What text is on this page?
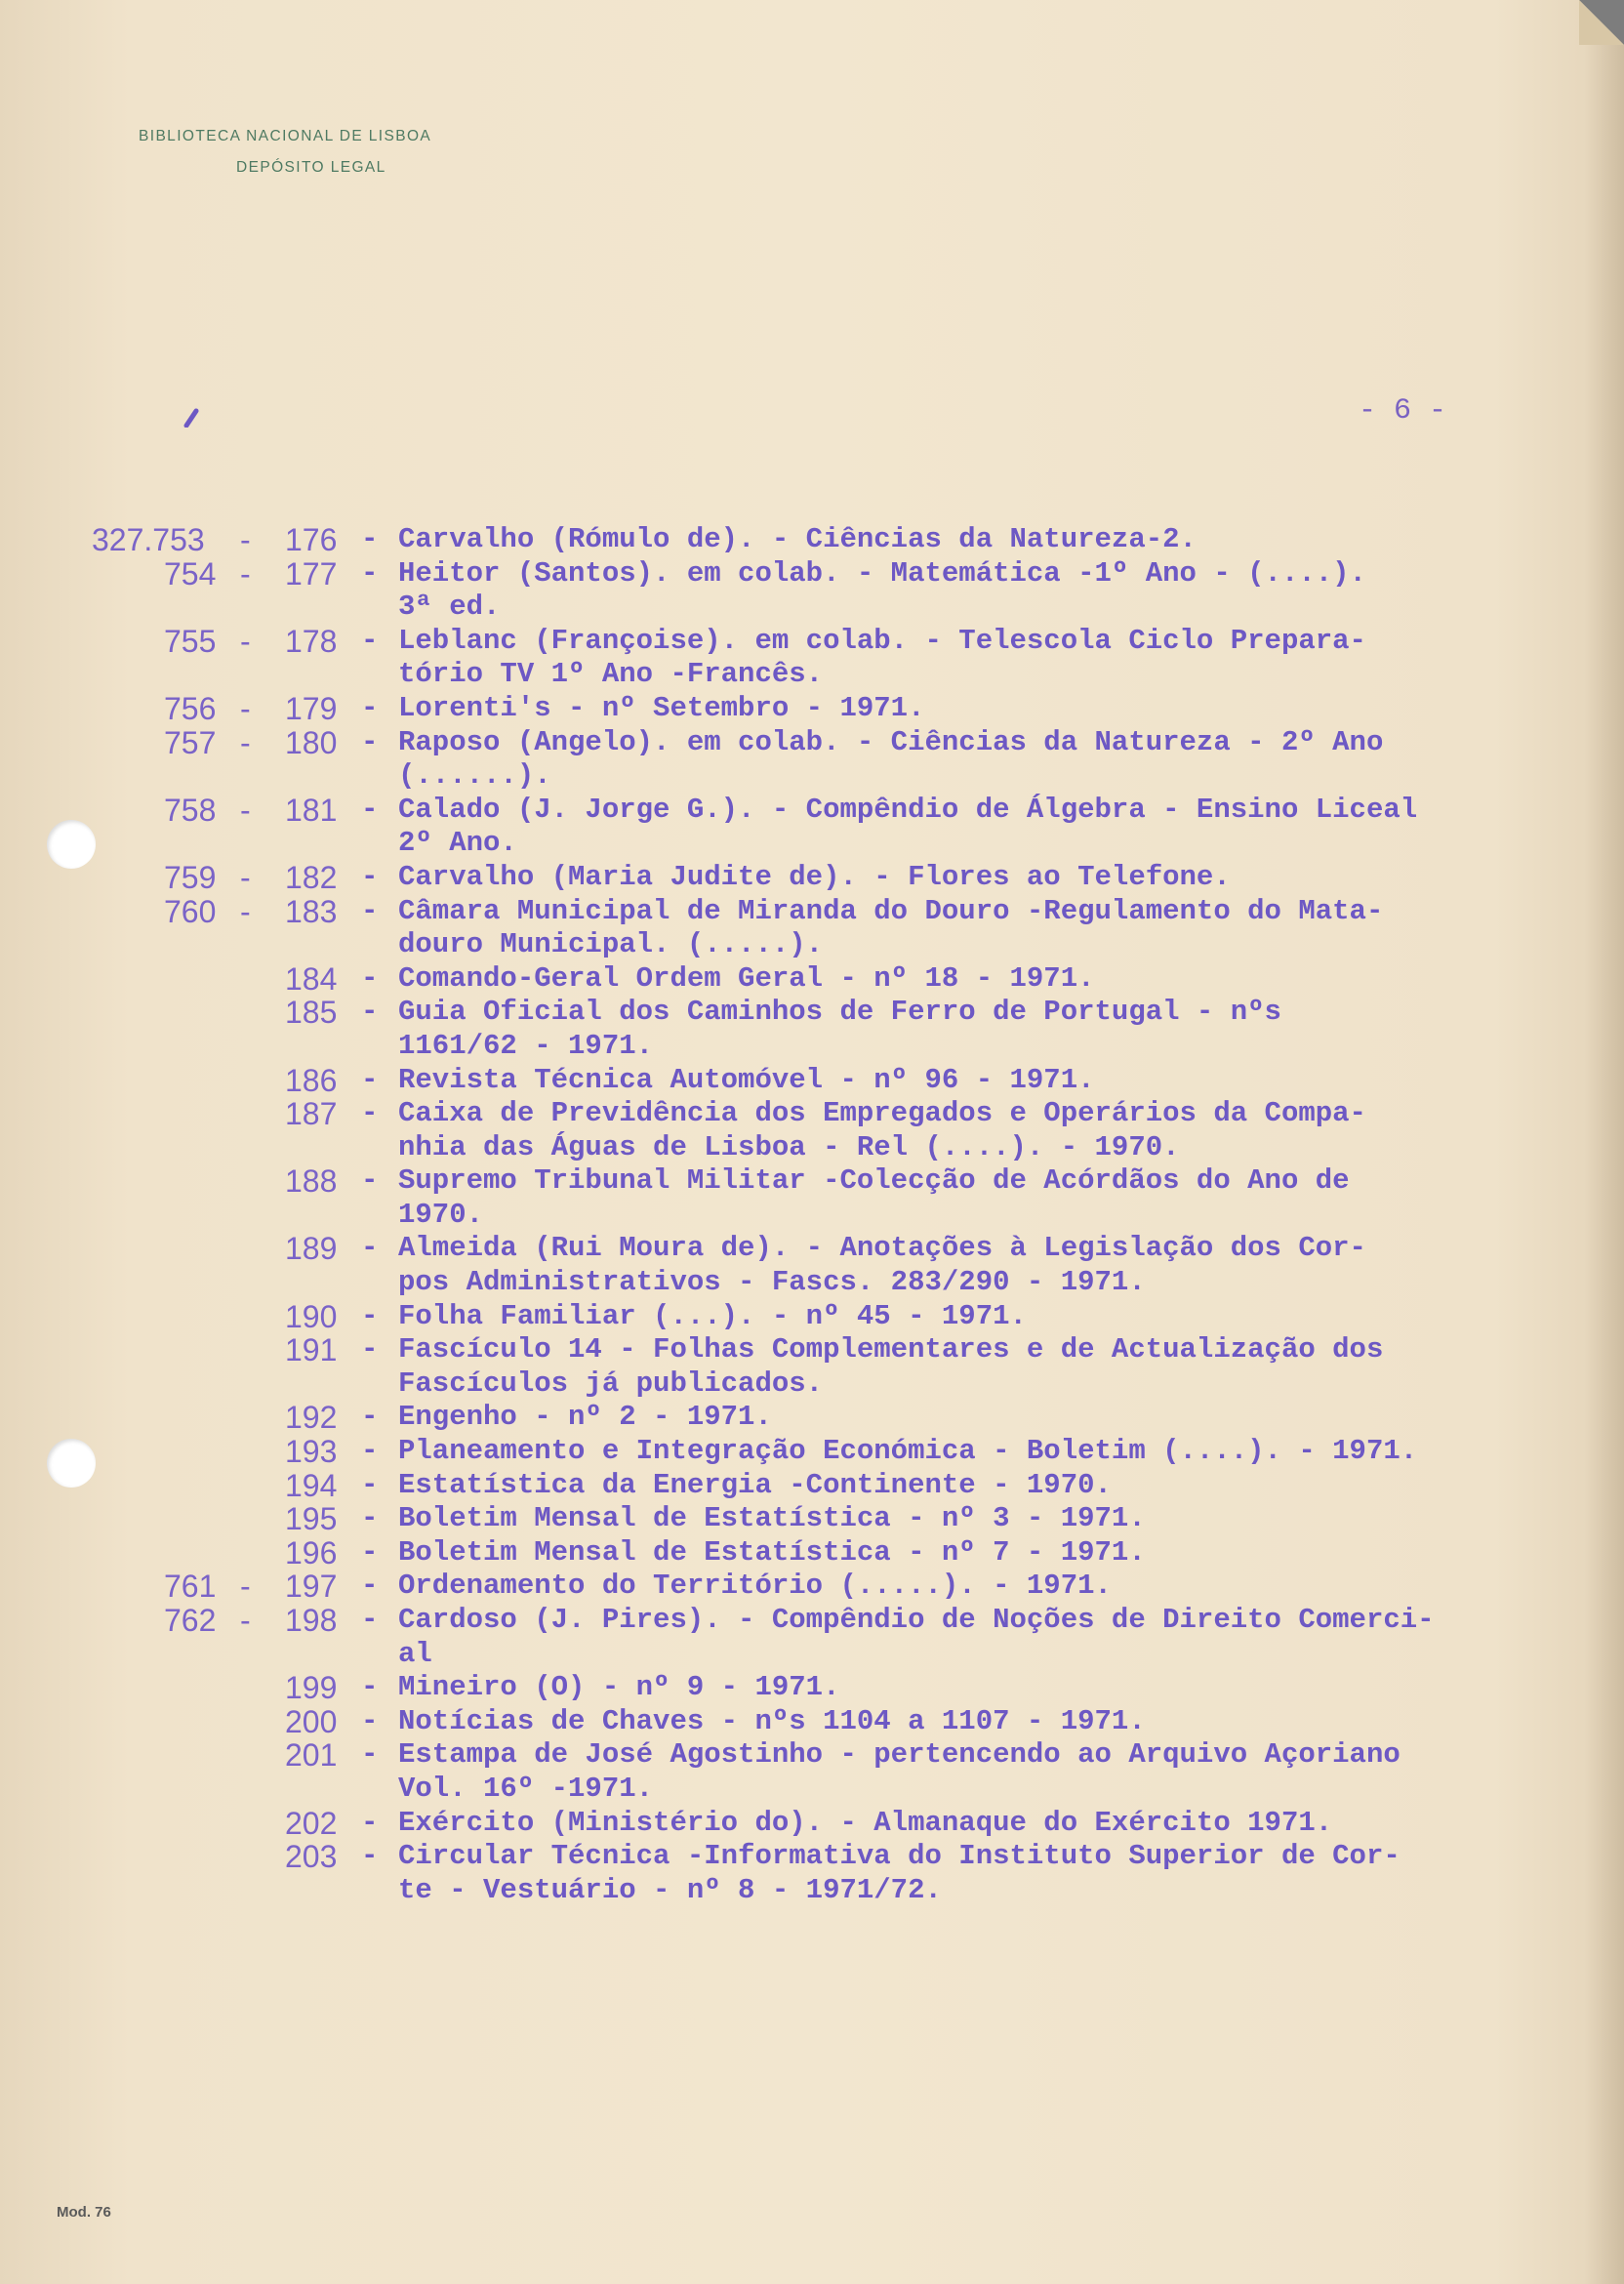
BIBLIOTECA NACIONAL DE LISBOA
DEPÓSITO LEGAL
- 6 -
327.753 - 176 - Carvalho (Rómulo de). - Ciências da Natureza-2.
754 - 177 - Heitor (Santos). em colab. - Matemática -1º Ano - (....).
3ª ed.
755 - 178 - Leblanc (Françoise). em colab. - Telescola Ciclo Prepara-
tório TV 1º Ano -Francês.
756 - 179 - Lorenti's - nº Setembro - 1971.
757 - 180 - Raposo (Angelo). em colab. - Ciências da Natureza - 2º Ano
(......).
758 - 181 - Calado (J. Jorge G.). - Compêndio de Álgebra - Ensino Liceal
2º Ano.
759 - 182 - Carvalho (Maria Judite de). - Flores ao Telefone.
760 - 183 - Câmara Municipal de Miranda do Douro -Regulamento do Mata-
douro Municipal. (.....).
184 - Comando-Geral Ordem Geral - nº 18 - 1971.
185 - Guia Oficial dos Caminhos de Ferro de Portugal - nºs
1161/62 - 1971.
186 - Revista Técnica Automóvel - nº 96 - 1971.
187 - Caixa de Previdência dos Empregados e Operários da Compa-
nhia das Águas de Lisboa - Rel (....). - 1970.
188 - Supremo Tribunal Militar -Colecção de Acórdãos do Ano de
1970.
189 - Almeida (Rui Moura de). - Anotações à Legislação dos Cor-
pos Administrativos - Fascs. 283/290 - 1971.
190 - Folha Familiar (...). - nº 45 - 1971.
191 - Fascículo 14 - Folhas Complementares e de Actualização dos
Fascículos já publicados.
192 - Engenho - nº 2 - 1971.
193 - Planeamento e Integração Económica - Boletim (....). - 1971.
194 - Estatística da Energia -Continente - 1970.
195 - Boletim Mensal de Estatística - nº 3 - 1971.
196 - Boletim Mensal de Estatística - nº 7 - 1971.
761 - 197 - Ordenamento do Território (.....). - 1971.
762 - 198 - Cardoso (J. Pires). - Compêndio de Noções de Direito Comerci-
al
199 - Mineiro (O) - nº 9 - 1971.
200 - Notícias de Chaves - nºs 1104 a 1107 - 1971.
201 - Estampa de José Agostinho - pertencendo ao Arquivo Açoriano
Vol. 16º -1971.
202 - Exército (Ministério do). - Almanaque do Exército 1971.
203 - Circular Técnica -Informativa do Instituto Superior de Cor-
te - Vestuário - nº 8 - 1971/72.
Mod. 76
